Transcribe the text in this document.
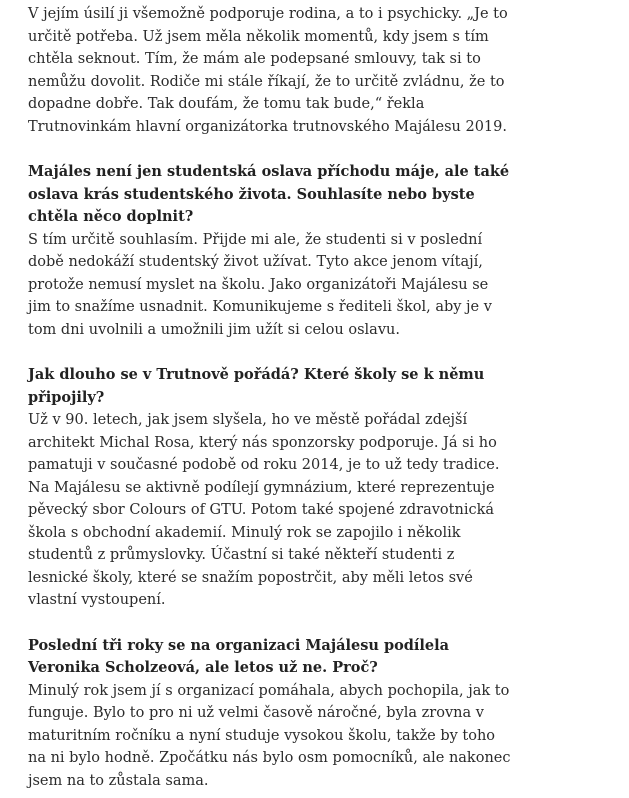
V jejím úsilí ji všemožně podporuje rodina, a to i psychicky. „Je to určitě potřeba. Už jsem měla několik momentů, kdy jsem s tím chtěla seknout. Tím, že mám ale podepsané smlouvy, tak si to nemůžu dovolit. Rodiče mi stále říkají, že to určitě zvládnu, že to dopadne dobře. Tak doufám, že tomu tak bude,“ řekla Trutnovinkám hlavní organizátorka trutnovského Majálesu 2019.

Majáles není jen studentská oslava příchodu máje, ale také oslava krás studentského života. Souhlasíte nebo byste chtěla něco doplnit?

S tím určitě souhlasím. Přijde mi ale, že studenti si v poslední době nedokáží studentský život užívat. Tyto akce jenom vítají, protože nemusí myslet na školu. Jako organizátoři Majálesu se jim to snažíme usnadnit. Komunikujeme s řediteli škol, aby je v tom dni uvolnili a umožnili jim užít si celou oslavu.

Jak dlouho se v Trutnově pořádá? Které školy se k němu připojily?

Už v 90. letech, jak jsem slyšela, ho ve městě pořádal zdejší architekt Michal Rosa, který nás sponzorsky podporuje. Já si ho pamatuji v současné podobě od roku 2014, je to už tedy tradice. Na Majálesu se aktivně podílejí gymnázium, které reprezentuje pěvecký sbor Colours of GTU. Potom také spojené zdravotnická škola s obchodní akademií. Minulý rok se zapojilo i několik studentů z průmyslovky. Účastní si také někteří studenti z lesnické školy, které se snažím popostrčit, aby měli letos své vlastní vystoupení.

Poslední tři roky se na organizaci Majálesu podílela Veronika Scholzeová, ale letos už ne. Proč?

Minulý rok jsem jí s organizací pomáhala, abych pochopila, jak to funguje. Bylo to pro ni už velmi časově náročné, byla zrovna v maturitním ročníku a nyní studuje vysokou školu, takže by toho na ni bylo hodně. Zpočátku nás bylo osm pomocníků, ale nakonec jsem na to zůstala sama.
